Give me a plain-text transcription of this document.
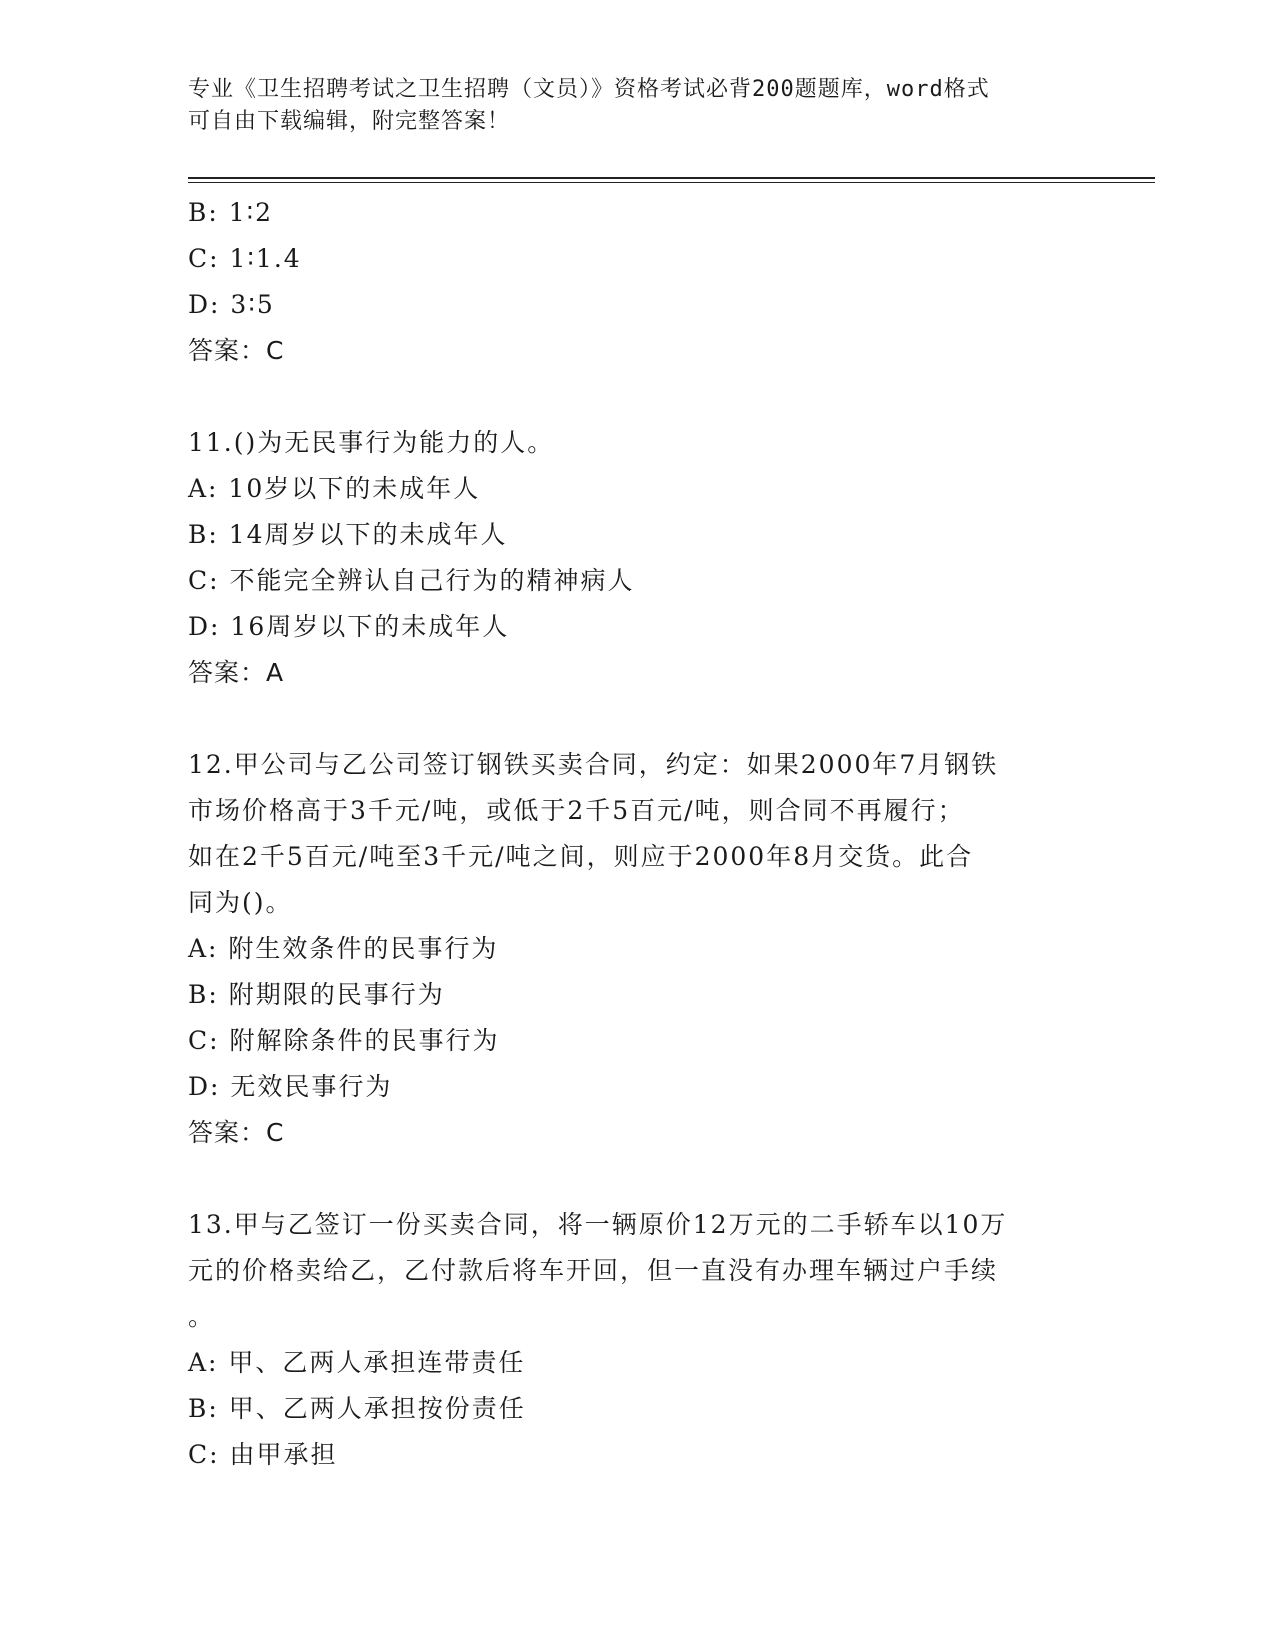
专业《卫生招聘考试之卫生招聘（文员）》资格考试必背200题题库，word格式
可自由下载编辑，附完整答案！
B: 1∶2
C: 1∶1.4
D: 3∶5
答案：C
11.()为无民事行为能力的人。
A: 10岁以下的未成年人
B: 14周岁以下的未成年人
C: 不能完全辨认自己行为的精神病人
D: 16周岁以下的未成年人
答案：A
12.甲公司与乙公司签订钢铁买卖合同，约定：如果2000年7月钢铁
市场价格高于3千元/吨，或低于2千5百元/吨，则合同不再履行；
如在2千5百元/吨至3千元/吨之间，则应于2000年8月交货。此合
同为()。
A: 附生效条件的民事行为
B: 附期限的民事行为
C: 附解除条件的民事行为
D: 无效民事行为
答案：C
13.甲与乙签订一份买卖合同，将一辆原价12万元的二手轿车以10万
元的价格卖给乙，乙付款后将车开回，但一直没有办理车辆过户手续
。
A: 甲、乙两人承担连带责任
B: 甲、乙两人承担按份责任
C: 由甲承担
